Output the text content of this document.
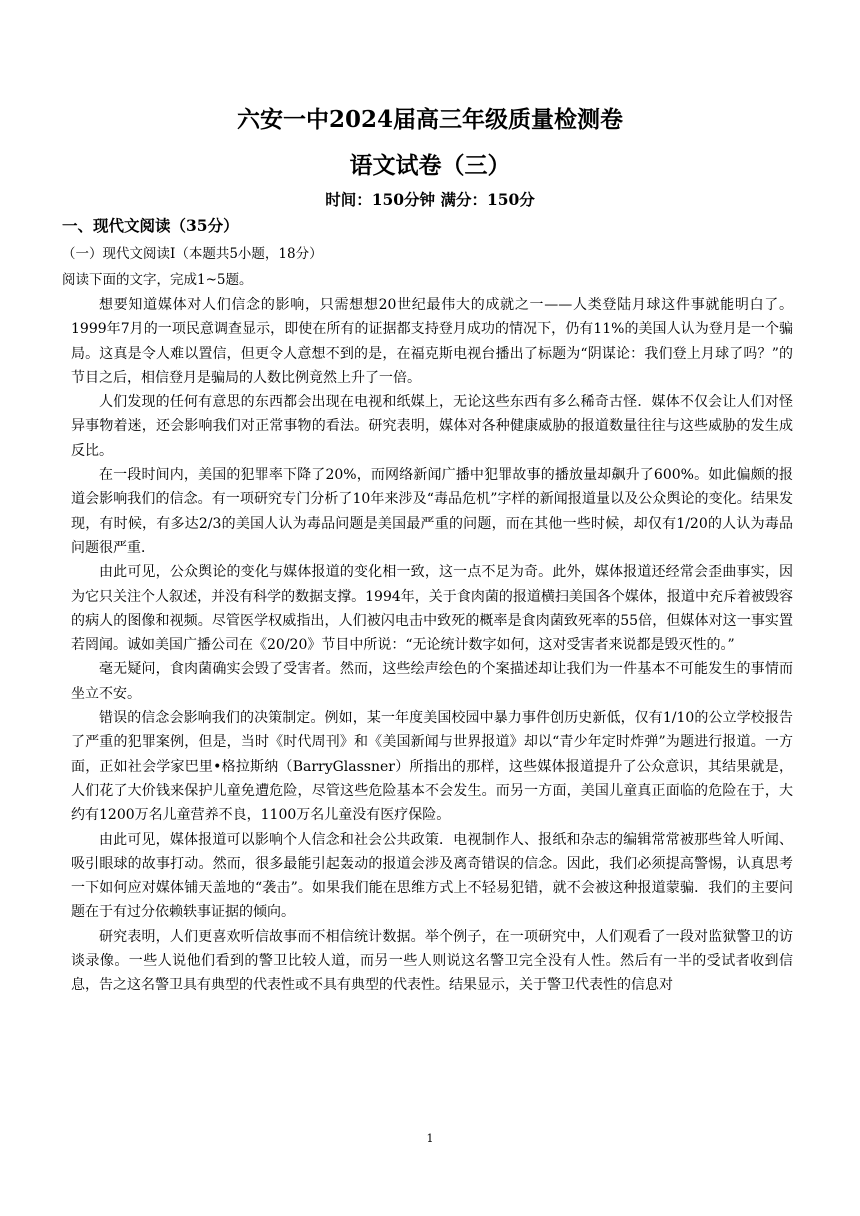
六安一中2024届高三年级质量检测卷
语文试卷（三）

时间：150分钟 满分：150分

一、现代文阅读（35分）

（一）现代文阅读Ⅰ（本题共5小题，18分）

阅读下面的文字，完成1~5题。

想要知道媒体对人们信念的影响，只需想想20世纪最伟大的成就之一——人类登陆月球这件事就能明白了。1999年7月的一项民意调查显示，即使在所有的证据都支持登月成功的情况下，仍有11%的美国人认为登月是一个骗局。这真是令人难以置信，但更令人意想不到的是，在福克斯电视台播出了标题为“阴谋论：我们登上月球了吗？”的节目之后，相信登月是骗局的人数比例竟然上升了一倍。

人们发现的任何有意思的东西都会出现在电视和纸媒上，无论这些东西有多么稀奇古怪．媒体不仅会让人们对怪异事物着迷，还会影响我们对正常事物的看法。研究表明，媒体对各种健康威胁的报道数量往往与这些威胁的发生成反比。

在一段时间内，美国的犯罪率下降了20%，而网络新闻广播中犯罪故事的播放量却飙升了600%。如此偏颇的报道会影响我们的信念。有一项研究专门分析了10年来涉及“毒品危机”字样的新闻报道量以及公众舆论的变化。结果发现，有时候，有多达2/3的美国人认为毒品问题是美国最严重的问题，而在其他一些时候，却仅有1/20的人认为毒品问题很严重．

由此可见，公众舆论的变化与媒体报道的变化相一致，这一点不足为奇。此外，媒体报道还经常会歪曲事实，因为它只关注个人叙述，并没有科学的数据支撑。1994年，关于食肉菌的报道横扫美国各个媒体，报道中充斥着被毁容的病人的图像和视频。尽管医学权威指出，人们被闪电击中致死的概率是食肉菌致死率的55倍，但媒体对这一事实置若罔闻。诚如美国广播公司在《20/20》节目中所说：“无论统计数字如何，这对受害者来说都是毁灭性的。”

毫无疑问，食肉菌确实会毁了受害者。然而，这些绘声绘色的个案描述却让我们为一件基本不可能发生的事情而坐立不安。

错误的信念会影响我们的决策制定。例如，某一年度美国校园中暴力事件创历史新低，仅有1/10的公立学校报告了严重的犯罪案例，但是，当时《时代周刊》和《美国新闻与世界报道》却以“青少年定时炸弹”为题进行报道。一方面，正如社会学家巴里•格拉斯纳（BarryGlassner）所指出的那样，这些媒体报道提升了公众意识，其结果就是，人们花了大价钱来保护儿童免遭危险，尽管这些危险基本不会发生。而另一方面，美国儿童真正面临的危险在于，大约有1200万名儿童营养不良，1100万名儿童没有医疗保险。

由此可见，媒体报道可以影响个人信念和社会公共政策．电视制作人、报纸和杂志的编辑常常被那些耸人听闻、吸引眼球的故事打动。然而，很多最能引起轰动的报道会涉及离奇错误的信念。因此，我们必须提高警惕，认真思考一下如何应对媒体铺天盖地的“袭击”。如果我们能在思维方式上不轻易犯错，就不会被这种报道蒙骗．我们的主要问题在于有过分依赖轶事证据的倾向。

研究表明，人们更喜欢听信故事而不相信统计数据。举个例子，在一项研究中，人们观看了一段对监狱警卫的访谈录像。一些人说他们看到的警卫比较人道，而另一些人则说这名警卫完全没有人性。然后有一半的受试者收到信息，告之这名警卫具有典型的代表性或不具有典型的代表性。结果显示，关于警卫代表性的信息对

1
